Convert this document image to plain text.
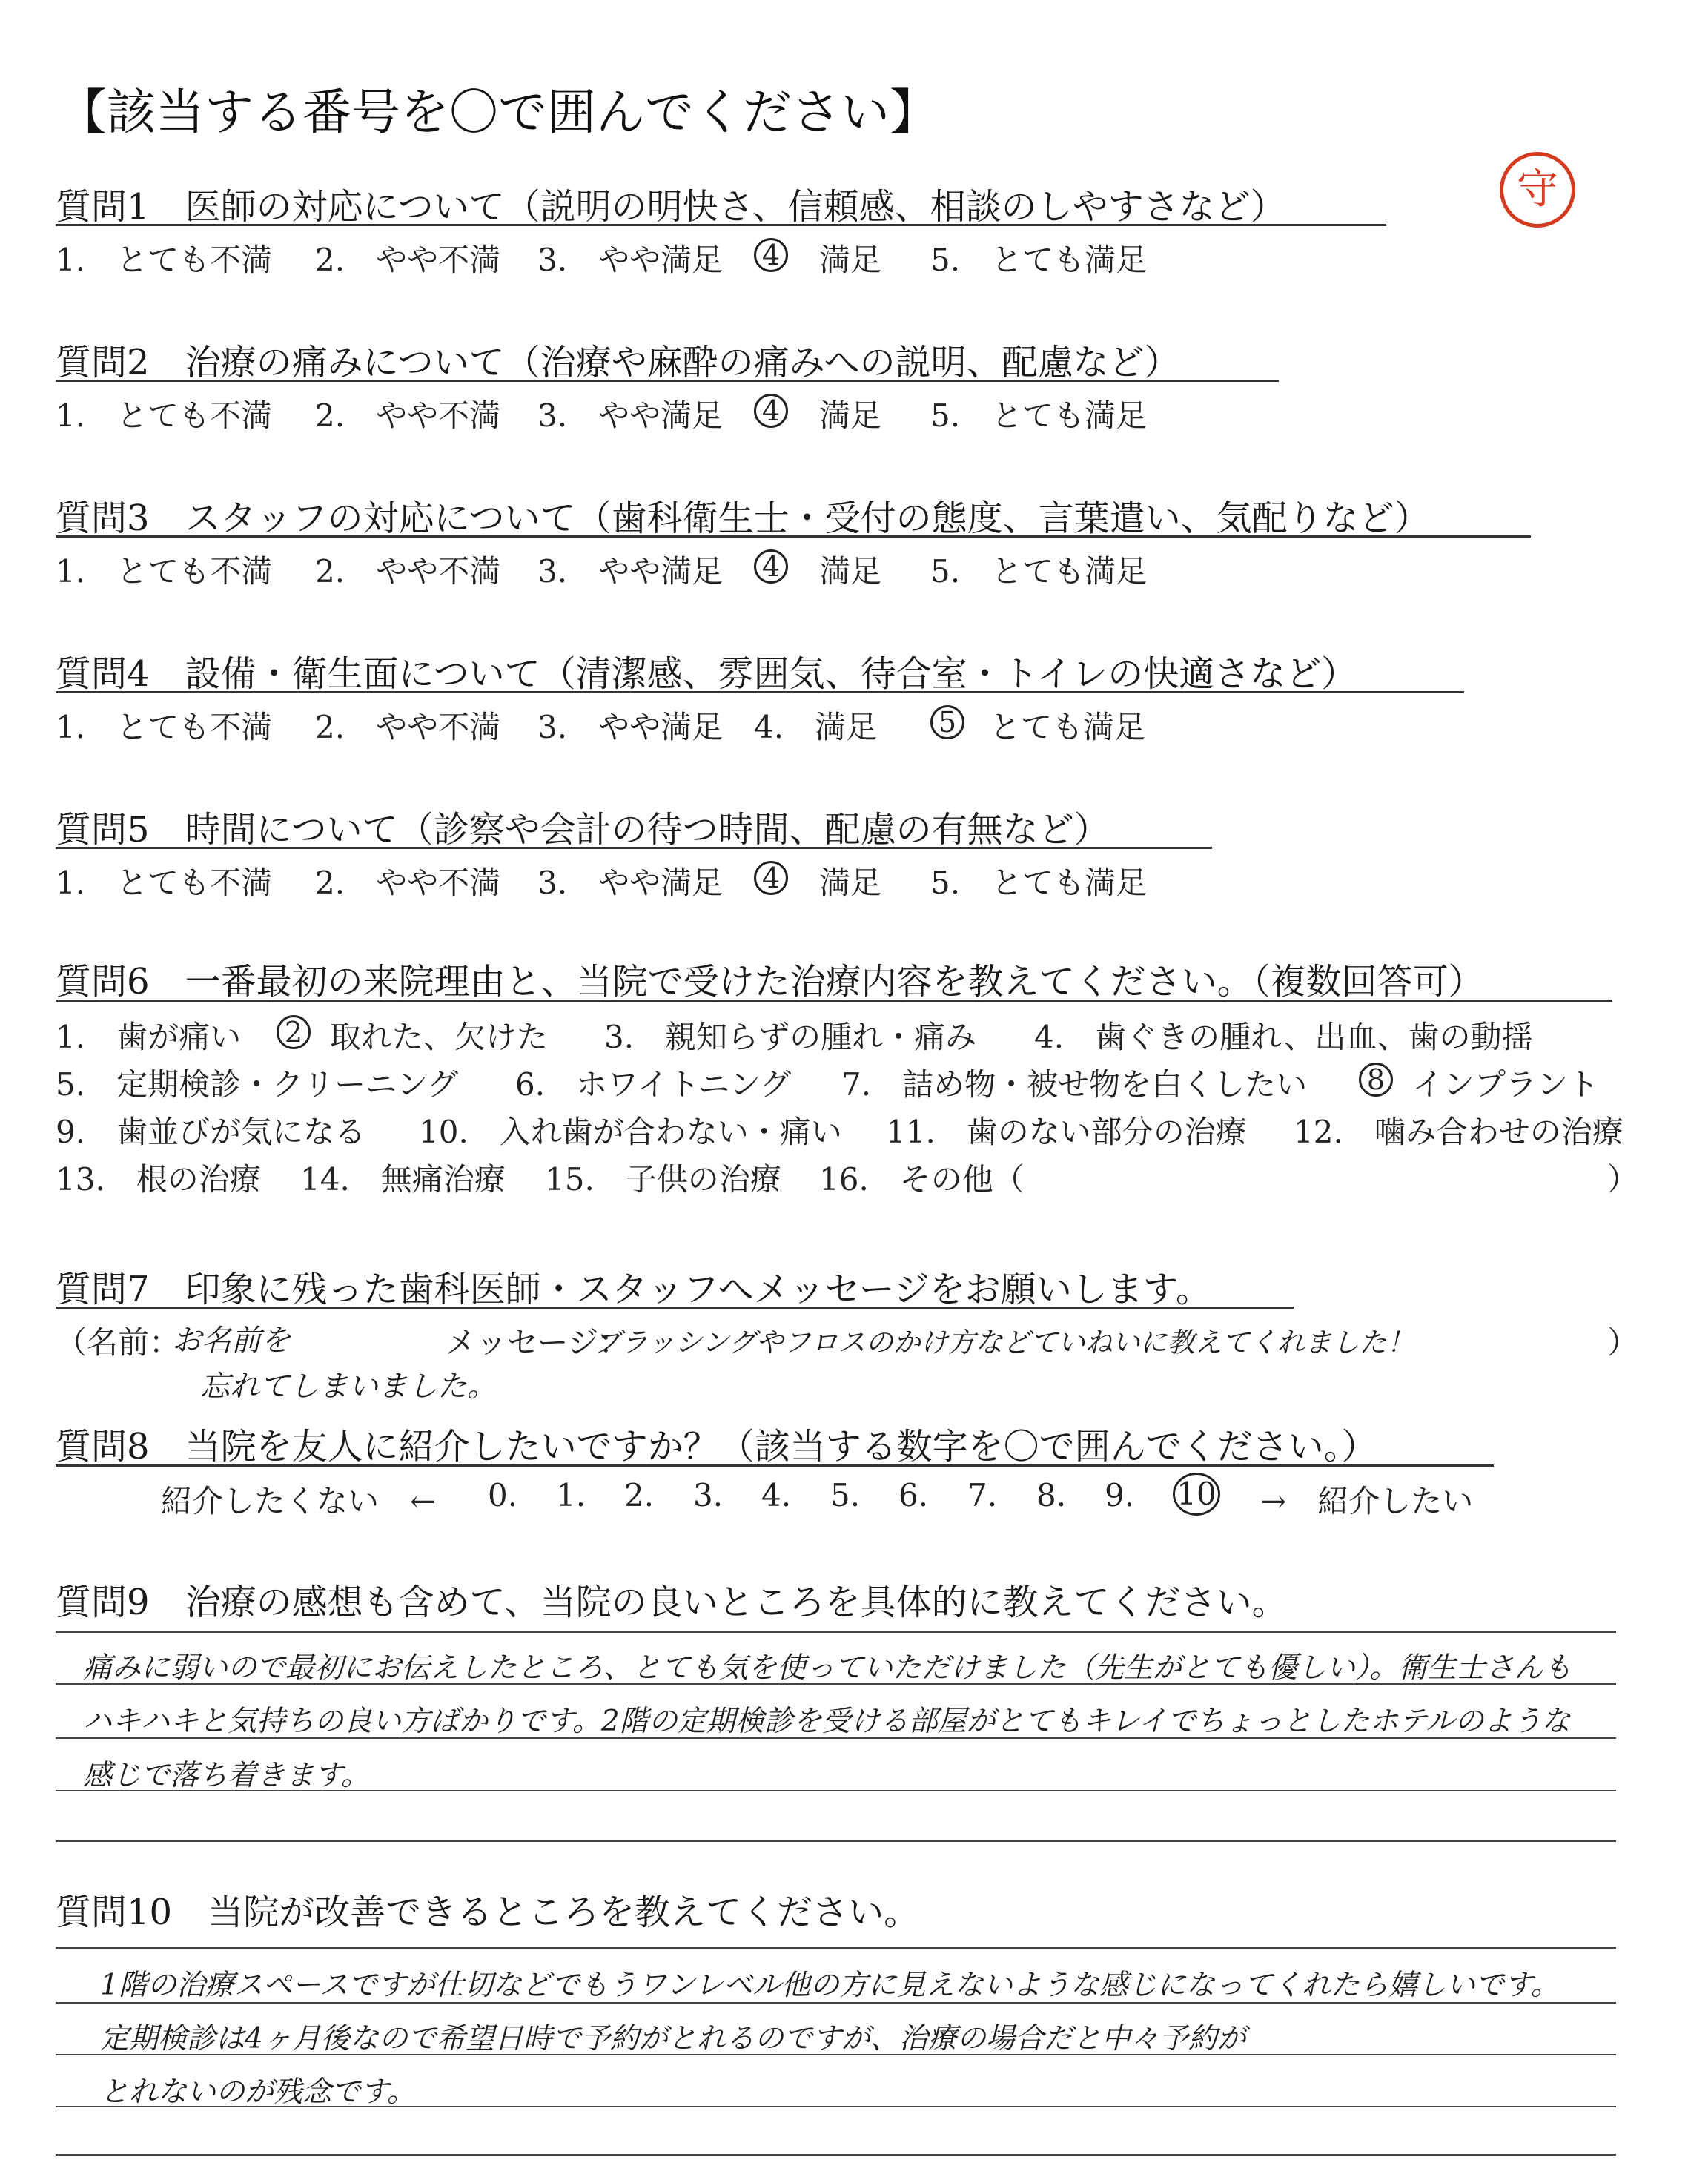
【該当する番号を〇で囲んでください】
守
質問1　 医師の対応について（説明の明快さ、信頼感、相談のしやすさなど）
1.　とても不満 2.　やや不満 3.　やや満足 4	満足 5.　とても満足
質問2　 治療の痛みについて（治療や麻酔の痛みへの説明、配慮など）
1.　とても不満 2.　やや不満 3.　やや満足 4	満足 5.　とても満足
質問3　 スタッフの対応について（歯科衛生士・受付の態度、言葉遣い、気配りなど）
1.　とても不満 2.　やや不満 3.　やや満足 4	満足 5.　とても満足
質問4　 設備・衛生面について（清潔感、雰囲気、待合室・トイレの快適さなど）
1.　とても不満 2.　やや不満 3.　やや満足 4.　満足 5	とても満足
質問5　 時間について（診察や会計の待つ時間、配慮の有無など）
1.　とても不満 2.　やや不満 3.　やや満足 4	満足 5.　とても満足
質問6　 一番最初の来院理由と、当院で受けた治療内容を教えてください。（複数回答可）
1.　歯が痛い 2 取れた、欠けた 3.　親知らずの腫れ・痛み 4.　歯ぐきの腫れ、出血、歯の動揺
5.　定期検診・クリーニング 6.　ホワイトニング 7.　詰め物・被せ物を白くしたい 8 インプラント
9.　歯並びが気になる 10.　入れ歯が合わない・痛い 11.　歯のない部分の治療 12.　噛み合わせの治療
13.　根の治療 14.　無痛治療 15.　子供の治療 16.　その他（	）
質問7　 印象に残った歯科医師・スタッフへメッセージをお願いします。
（名前：	メッセージ：
お名前を
忘れてしまいました。
ブラッシングやフロスのかけ方などていねいに教えてくれました！	）
質問8　 当院を友人に紹介したいですか？（該当する数字を〇で囲んでください。）
紹介したくない　← 0. 1. 2. 3. 4. 5. 6. 7. 8. 9. 10 →　紹介したい
質問9　 治療の感想も含めて、当院の良いところを具体的に教えてください。
痛みに弱いので最初にお伝えしたところ、とても気を使っていただけました（先生がとても優しい）。衛生士さんも
ハキハキと気持ちの良い方ばかりです。2階の定期検診を受ける部屋がとてもキレイでちょっとしたホテルのような
感じで落ち着きます。
質問10　 当院が改善できるところを教えてください。
1階の治療スペースですが仕切などでもうワンレベル他の方に見えないような感じになってくれたら嬉しいです。
定期検診は4ヶ月後なので希望日時で予約がとれるのですが、治療の場合だと中々予約が
とれないのが残念です。
